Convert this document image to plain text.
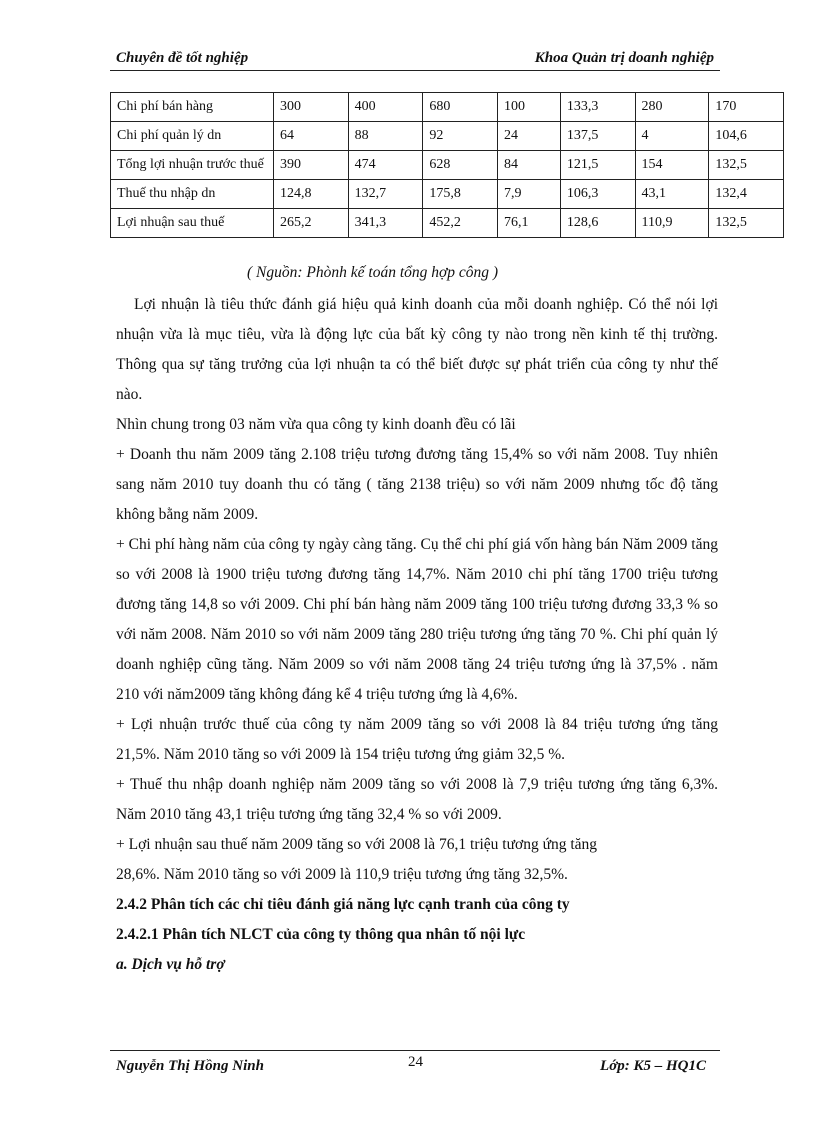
Chuyên đề tốt nghiệp	Khoa Quản trị doanh nghiệp
Chi phí bán hàng	300	400	680	100	133,3	280	170
Chi phí quản lý dn	64	88	92	24	137,5	4	104,6
Tổng lợi nhuận trước thuế	390	474	628	84	121,5	154	132,5
Thuế thu nhập dn	124,8	132,7	175,8	7,9	106,3	43,1	132,4
Lợi nhuận sau thuế	265,2	341,3	452,2	76,1	128,6	110,9	132,5
( Nguồn: Phònh kế toán tổng hợp công )

Lợi nhuận là tiêu thức đánh giá hiệu quả kinh doanh của mỗi doanh nghiệp. Có thể nói lợi nhuận vừa là mục tiêu, vừa là động lực của bất kỳ công ty nào trong nền kinh tế thị trường. Thông qua sự tăng trưởng của lợi nhuận ta có thể biết được sự phát triển của công ty như thế nào.

Nhìn chung trong 03 năm vừa qua công ty kinh doanh đều có lãi

+ Doanh thu năm 2009 tăng 2.108 triệu tương đương tăng 15,4% so với năm 2008. Tuy nhiên sang năm 2010 tuy doanh thu có tăng ( tăng 2138 triệu) so với năm 2009 nhưng tốc độ tăng không bằng năm 2009.

+ Chi phí hàng năm của công ty ngày càng tăng. Cụ thể chi phí giá vốn hàng bán Năm 2009 tăng so với 2008 là 1900 triệu tương đương tăng 14,7%. Năm 2010 chi phí tăng 1700 triệu tương đương tăng 14,8 so với 2009. Chi phí bán hàng năm 2009 tăng 100 triệu tương đương 33,3 % so với năm 2008. Năm 2010 so với năm 2009 tăng 280 triệu tương ứng tăng 70 %. Chi phí quản lý doanh nghiệp cũng tăng. Năm 2009 so với năm 2008 tăng 24 triệu tương ứng là 37,5% . năm 210 với năm2009 tăng không đáng kể 4 triệu tương ứng là 4,6%.

+ Lợi nhuận trước thuế của công ty năm 2009 tăng so với 2008 là 84 triệu tương ứng tăng 21,5%. Năm 2010 tăng so với 2009 là 154 triệu tương ứng giảm 32,5 %.

+ Thuế thu nhập doanh nghiệp năm 2009 tăng so với 2008 là 7,9 triệu tương ứng tăng 6,3%. Năm 2010 tăng 43,1 triệu tương ứng tăng 32,4 % so với 2009.

+ Lợi nhuận sau thuế năm 2009 tăng so với 2008 là 76,1 triệu tương ứng tăng

28,6%. Năm 2010 tăng so với 2009 là 110,9 triệu tương ứng tăng 32,5%.

2.4.2 Phân tích các chỉ tiêu đánh giá năng lực cạnh tranh của công ty

2.4.2.1 Phân tích NLCT của công ty thông qua nhân tố nội lực

a. Dịch vụ hỗ trợ

Nguyễn Thị Hồng Ninh	24	Lớp: K5 – HQ1C
